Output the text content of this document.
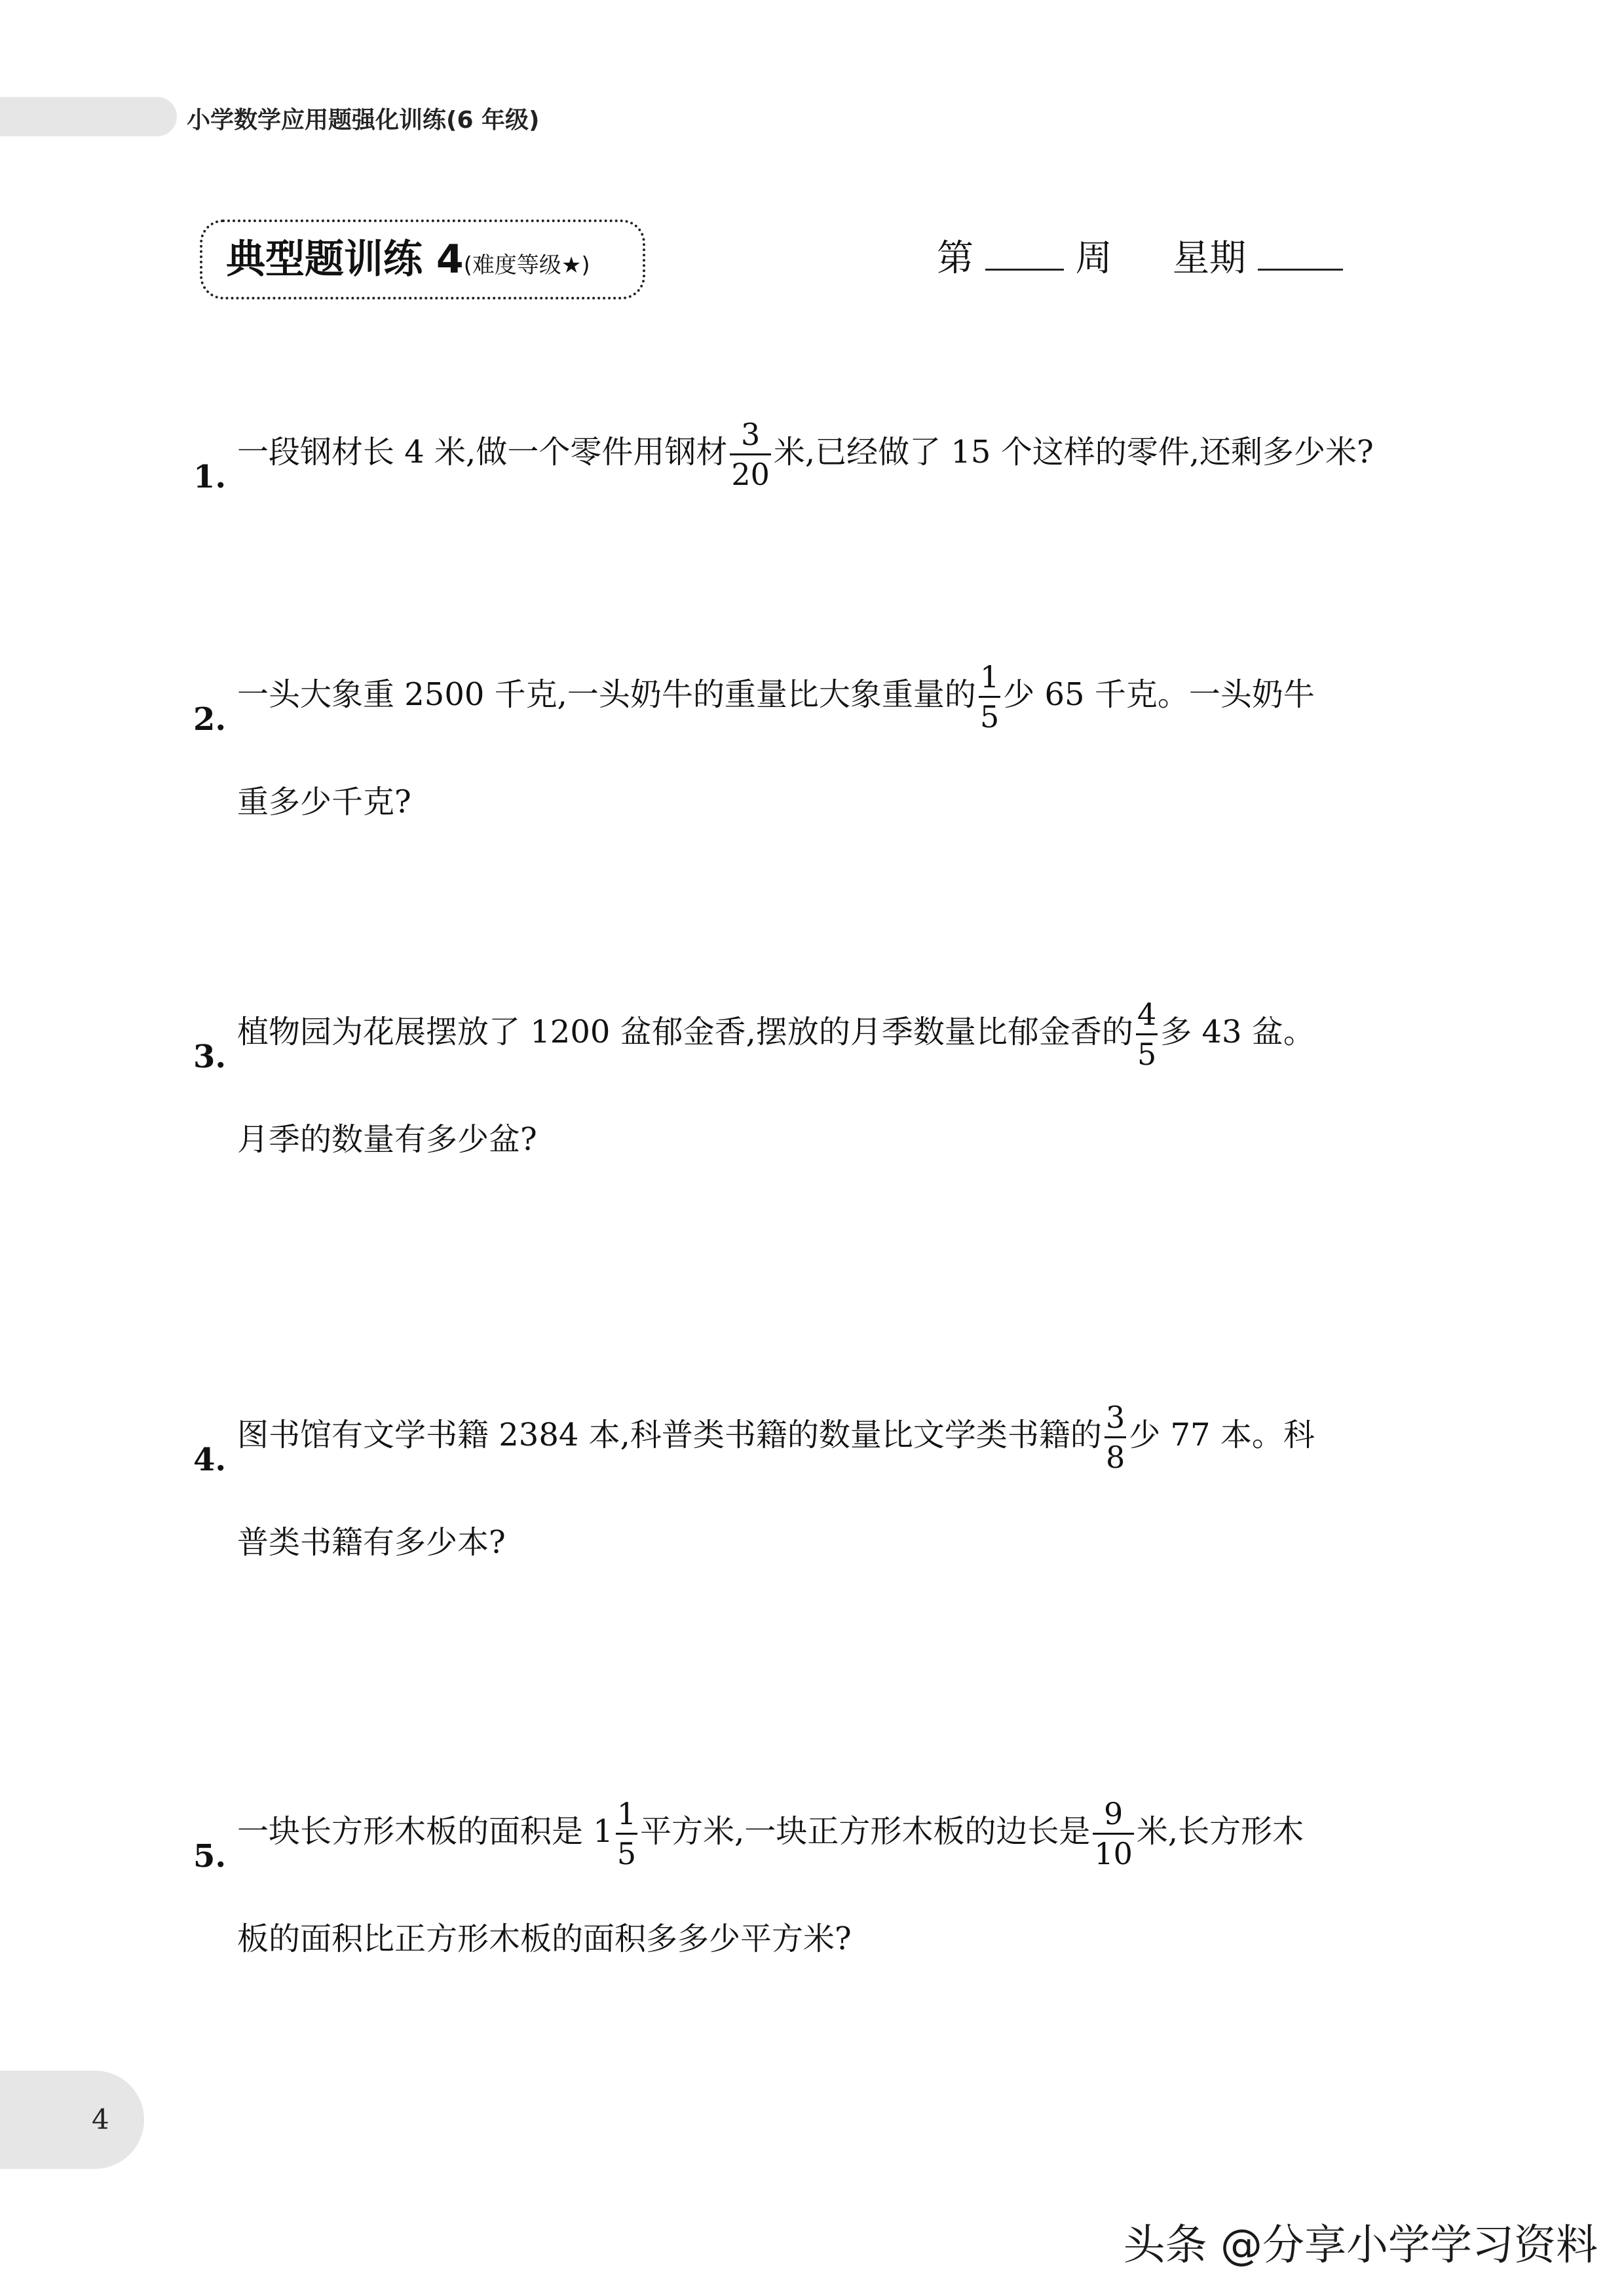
小学数学应用题强化训练(6 年级)
典型题训练 4(难度等级★)	第	周 星期
1.
一段钢材长 4 米,做一个零件用钢材 $\frac{3}{20}$ 米,已经做了 15 个这样的零件,还剩多少米?
2.
一头大象重 2500 千克,一头奶牛的重量比大象重量的 $\frac{1}{5}$ 少 65 千克。一头奶牛
重多少千克?
3.
植物园为花展摆放了 1200 盆郁金香,摆放的月季数量比郁金香的 $\frac{4}{5}$ 多 43 盆。
月季的数量有多少盆?
4.
图书馆有文学书籍 2384 本,科普类书籍的数量比文学类书籍的 $\frac{3}{8}$ 少 77 本。科
普类书籍有多少本?
5.
一块长方形木板的面积是 $1 \frac{1}{5}$ 平方米,一块正方形木板的边长是 $\frac{9}{10}$ 米,长方形木
板的面积比正方形木板的面积多多少平方米?
4
头条 @分享小学学习资料
